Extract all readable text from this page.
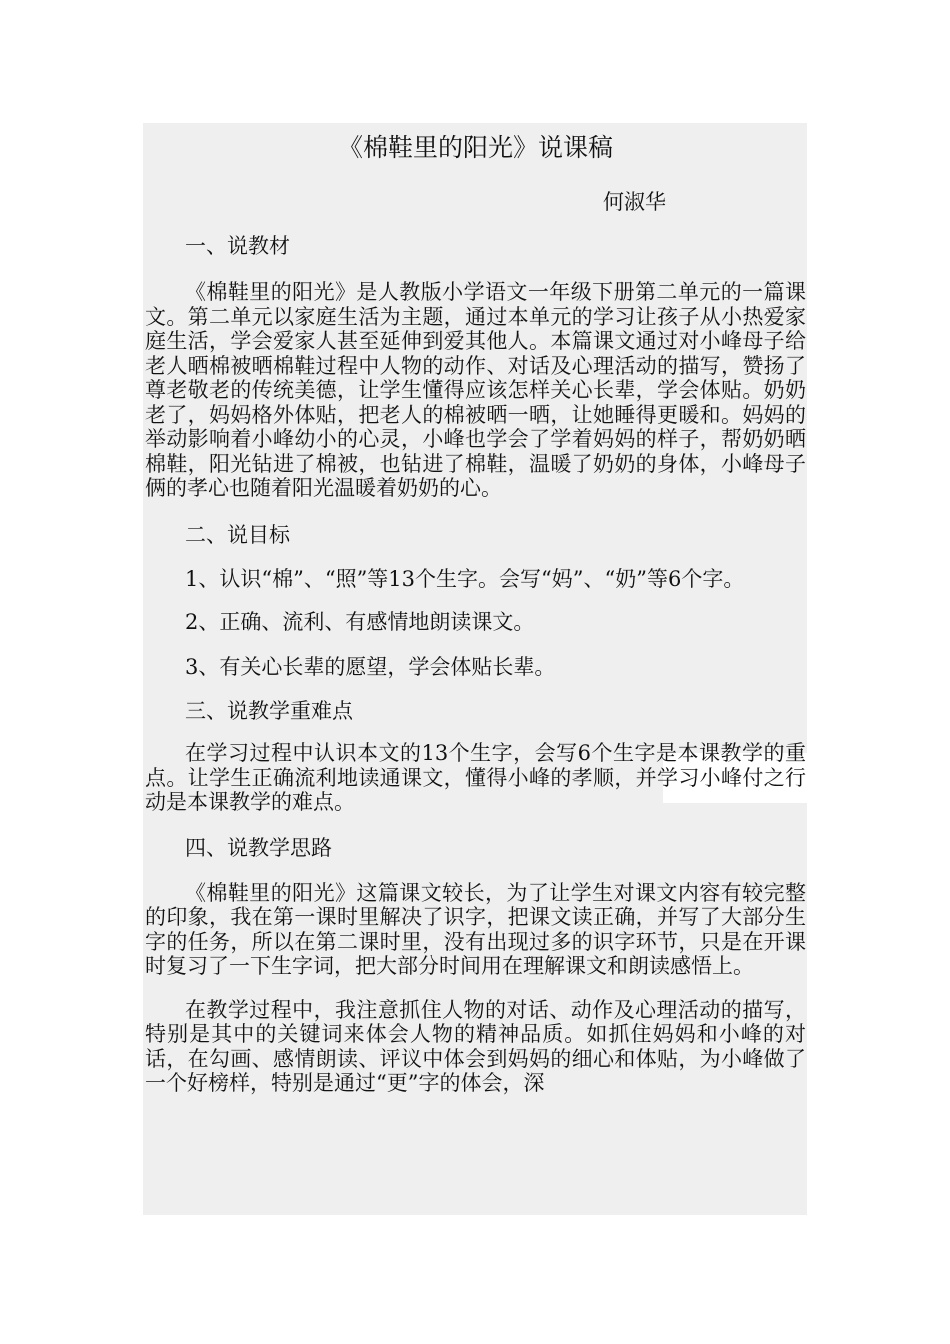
《棉鞋里的阳光》说课稿

何淑华

一、说教材

《棉鞋里的阳光》是人教版小学语文一年级下册第二单元的一篇课文。第二单元以家庭生活为主题，通过本单元的学习让孩子从小热爱家庭生活，学会爱家人甚至延伸到爱其他人。本篇课文通过对小峰母子给老人晒棉被晒棉鞋过程中人物的动作、对话及心理活动的描写，赞扬了尊老敬老的传统美德，让学生懂得应该怎样关心长辈，学会体贴。奶奶老了，妈妈格外体贴，把老人的棉被晒一晒，让她睡得更暖和。妈妈的举动影响着小峰幼小的心灵，小峰也学会了学着妈妈的样子，帮奶奶晒棉鞋，阳光钻进了棉被，也钻进了棉鞋，温暖了奶奶的身体，小峰母子俩的孝心也随着阳光温暖着奶奶的心。

二、说目标

1、认识“棉”、“照”等13个生字。会写“妈”、“奶”等6个字。

2、正确、流利、有感情地朗读课文。

3、有关心长辈的愿望，学会体贴长辈。

三、说教学重难点

在学习过程中认识本文的13个生字，会写6个生字是本课教学的重点。让学生正确流利地读通课文，懂得小峰的孝顺，并学习小峰付之行动是本课教学的难点。

四、说教学思路

《棉鞋里的阳光》这篇课文较长，为了让学生对课文内容有较完整的印象，我在第一课时里解决了识字，把课文读正确，并写了大部分生字的任务，所以在第二课时里，没有出现过多的识字环节，只是在开课时复习了一下生字词，把大部分时间用在理解课文和朗读感悟上。

在教学过程中，我注意抓住人物的对话、动作及心理活动的描写，特别是其中的关键词来体会人物的精神品质。如抓住妈妈和小峰的对话，在勾画、感情朗读、评议中体会到妈妈的细心和体贴，为小峰做了一个好榜样，特别是通过“更”字的体会，深
